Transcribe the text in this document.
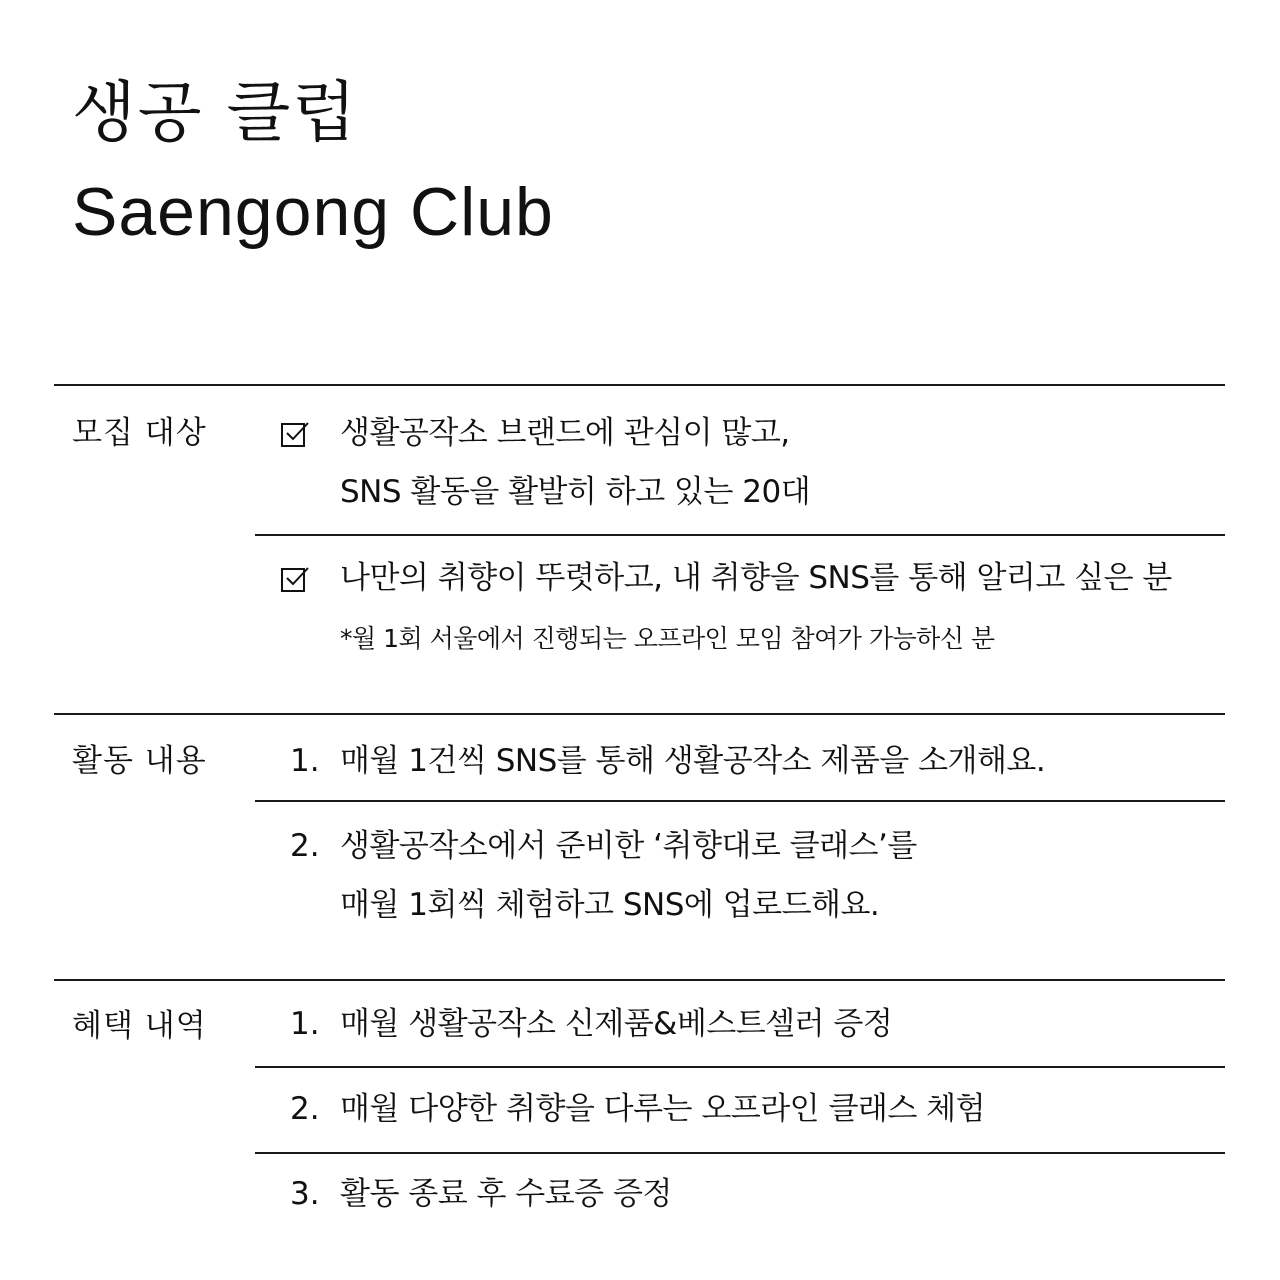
생공 클럽
Saengong Club
모집 대상	생활공작소 브랜드에 관심이 많고,
SNS 활동을 활발히 하고 있는 20대
나만의 취향이 뚜렷하고, 내 취향을 SNS를 통해 알리고 싶은 분
*월 1회 서울에서 진행되는 오프라인 모임 참여가 가능하신 분
활동 내용	1. 매월 1건씩 SNS를 통해 생활공작소 제품을 소개해요.
2. 생활공작소에서 준비한 ‘취향대로 클래스’를
매월 1회씩 체험하고 SNS에 업로드해요.
혜택 내역	1. 매월 생활공작소 신제품&베스트셀러 증정
2. 매월 다양한 취향을 다루는 오프라인 클래스 체험
3. 활동 종료 후 수료증 증정
